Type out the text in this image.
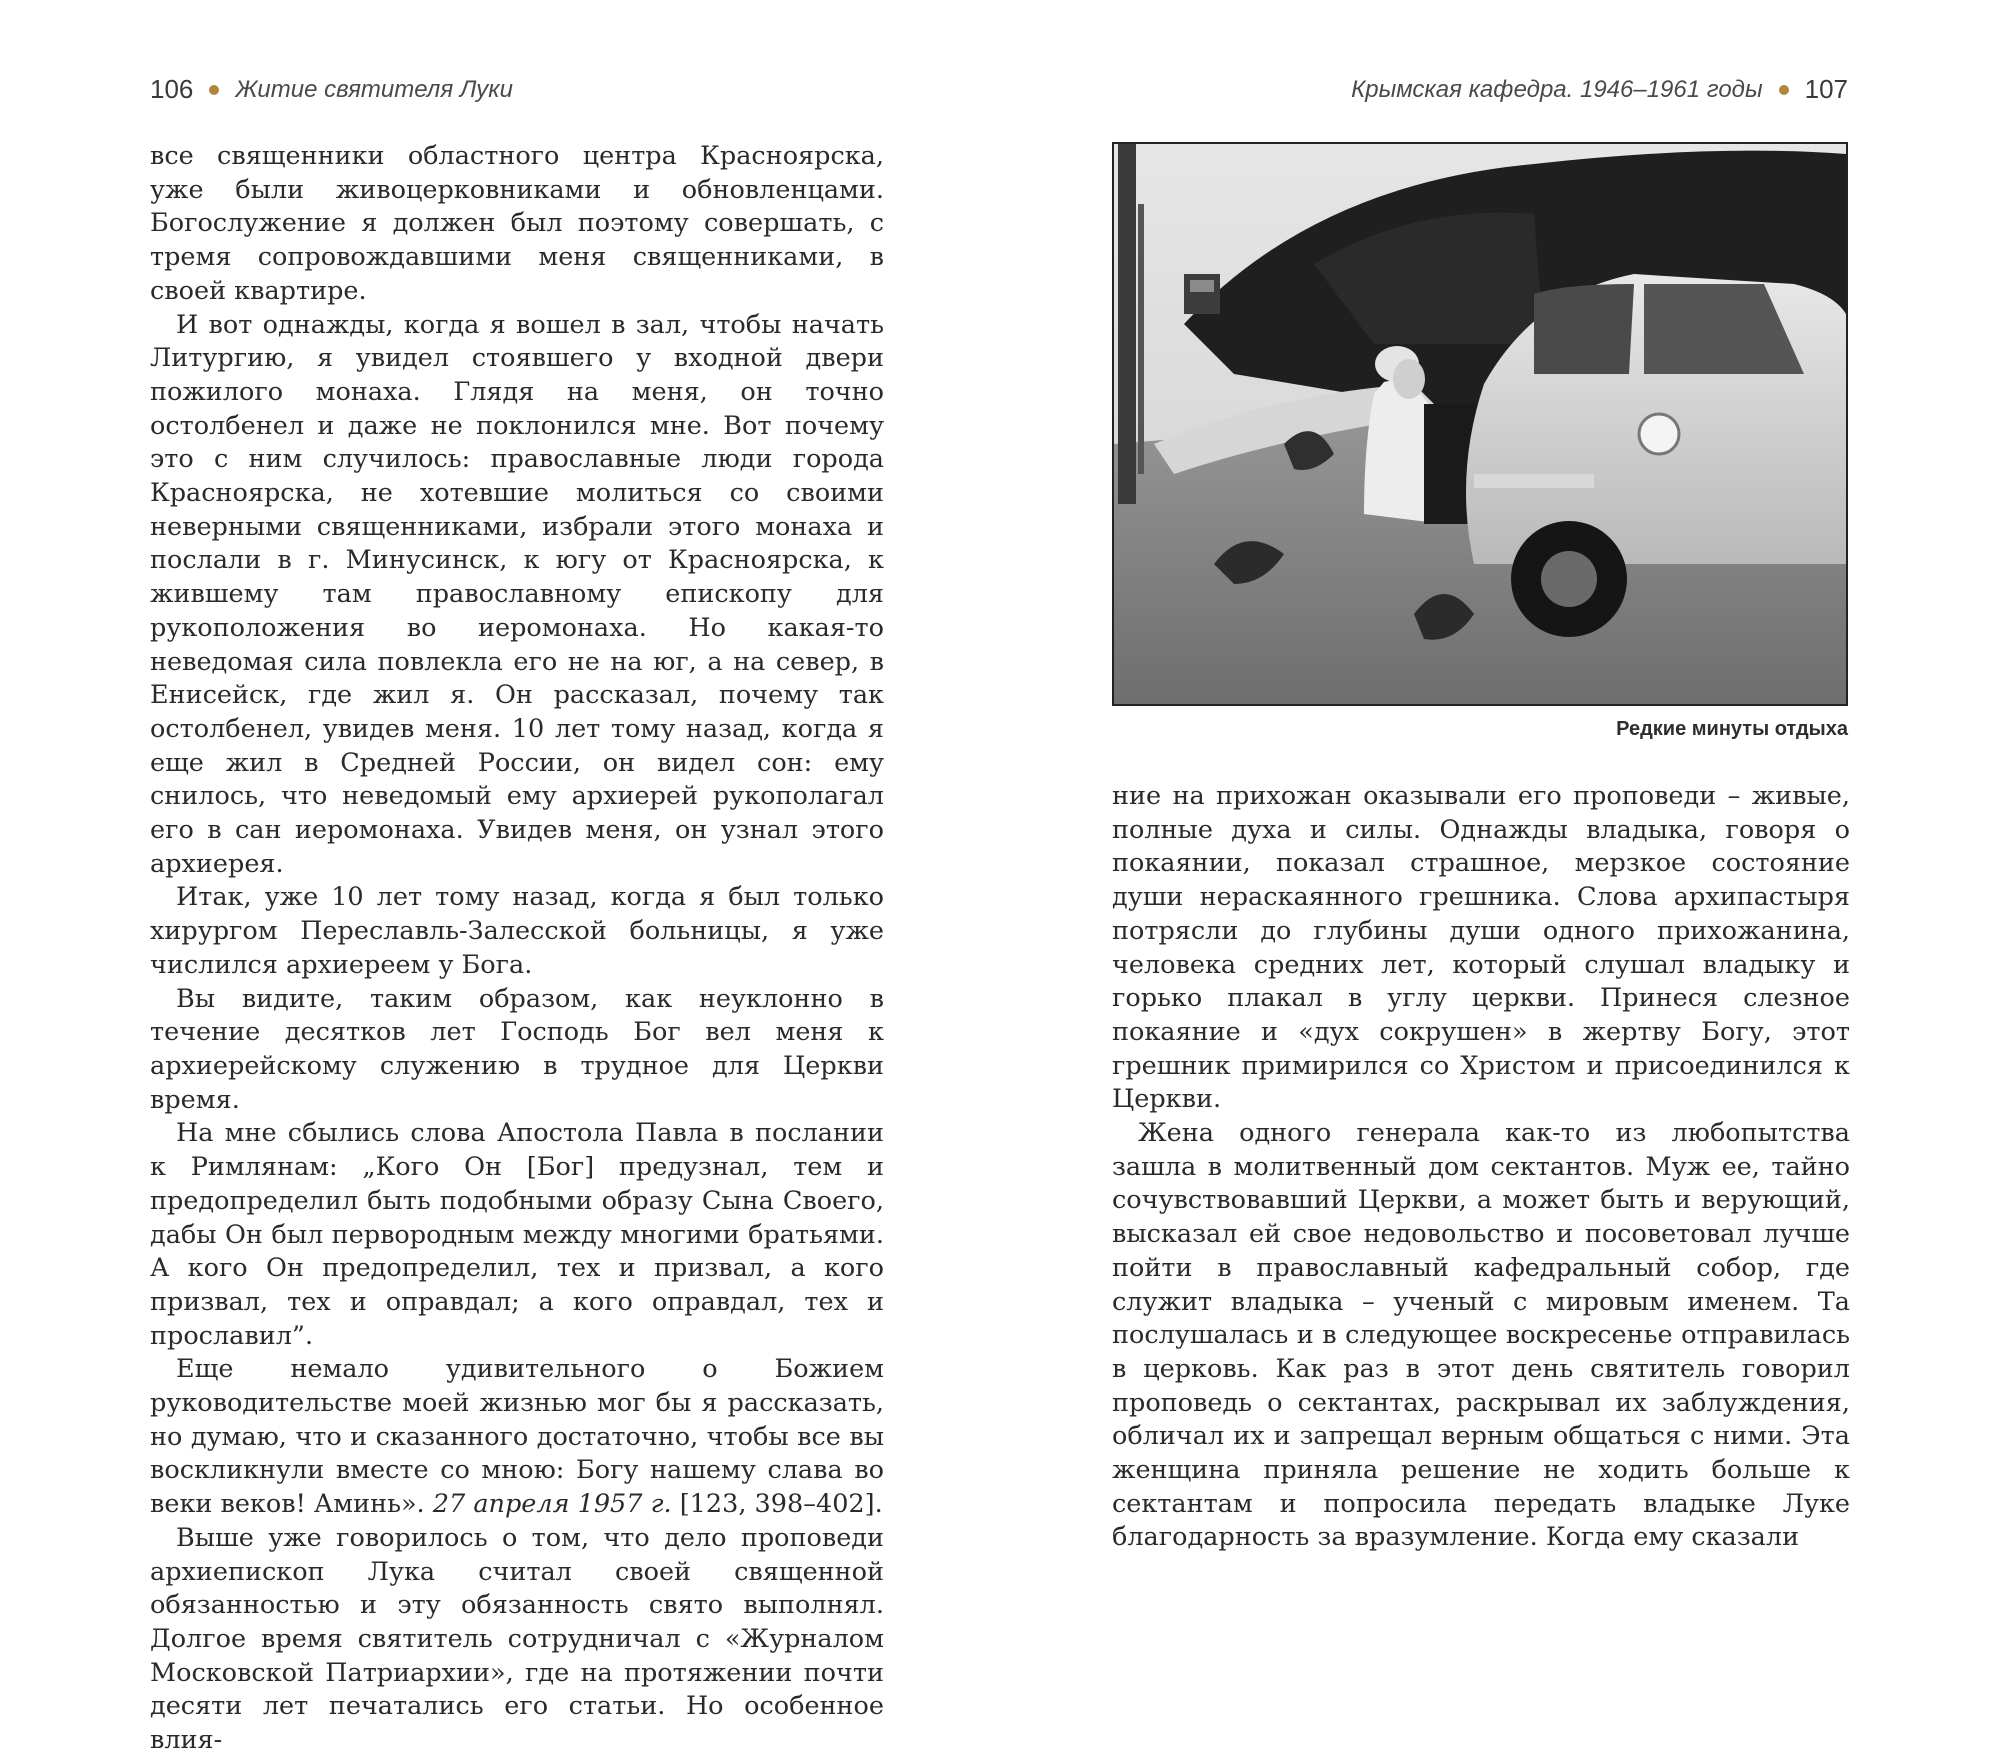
106 Житие святителя Луки

все священники областного центра Красноярска, уже были живоцерковниками и обновленцами. Богослужение я должен был поэтому совершать, с тремя сопровождавшими меня священниками, в своей квартире.

И вот однажды, когда я вошел в зал, чтобы начать Литургию, я увидел стоявшего у входной двери пожилого монаха. Глядя на меня, он точно остолбенел и даже не поклонился мне. Вот почему это с ним случилось: православные люди города Красноярска, не хотевшие молиться со своими неверными священниками, избрали этого монаха и послали в г. Минусинск, к югу от Красноярска, к жившему там православному епископу для рукоположения во иеромонаха. Но какая-то неведомая сила повлекла его не на юг, а на север, в Енисейск, где жил я. Он рассказал, почему так остолбенел, увидев меня. 10 лет тому назад, когда я еще жил в Средней России, он видел сон: ему снилось, что неведомый ему архиерей рукополагал его в сан иеромонаха. Увидев меня, он узнал этого архиерея.

Итак, уже 10 лет тому назад, когда я был только хирургом Переславль-Залесской больницы, я уже числился архиереем у Бога.

Вы видите, таким образом, как неуклонно в течение десятков лет Господь Бог вел меня к архиерейскому служению в трудное для Церкви время.

На мне сбылись слова Апостола Павла в послании к Римлянам: „Кого Он [Бог] предузнал, тем и предопределил быть подобными образу Сына Своего, дабы Он был первородным между многими братьями. А кого Он предопределил, тех и призвал, а кого призвал, тех и оправдал; а кого оправдал, тех и прославил”.

Еще немало удивительного о Божием руководительстве моей жизнью мог бы я рассказать, но думаю, что и сказанного достаточно, чтобы все вы воскликнули вместе со мною: Богу нашему слава во веки веков! Аминь». 27 апреля 1957 г. [123, 398–402].

Выше уже говорилось о том, что дело проповеди архиепископ Лука считал своей священной обязанностью и эту обязанность свято выполнял. Долгое время святитель сотрудничал с «Журналом Московской Патриархии», где на протяжении почти десяти лет печатались его статьи. Но особенное влия-

Крымская кафедра. 1946–1961 годы 107
Редкие минуты отдыха

ние на прихожан оказывали его проповеди – живые, полные духа и силы. Однажды владыка, говоря о покаянии, показал страшное, мерзкое состояние души нераскаянного грешника. Слова архипастыря потрясли до глубины души одного прихожанина, человека средних лет, который слушал владыку и горько плакал в углу церкви. Принеся слезное покаяние и «дух сокрушен» в жертву Богу, этот грешник примирился со Христом и присоединился к Церкви.

Жена одного генерала как-то из любопытства зашла в молитвенный дом сектантов. Муж ее, тайно сочувствовавший Церкви, а может быть и верующий, высказал ей свое недовольство и посоветовал лучше пойти в православный кафедральный собор, где служит владыка – ученый с мировым именем. Та послушалась и в следующее воскресенье отправилась в церковь. Как раз в этот день святитель говорил проповедь о сектантах, раскрывал их заблуждения, обличал их и запрещал верным общаться с ними. Эта женщина приняла решение не ходить больше к сектантам и попросила передать владыке Луке благодарность за вразумление. Когда ему сказали
